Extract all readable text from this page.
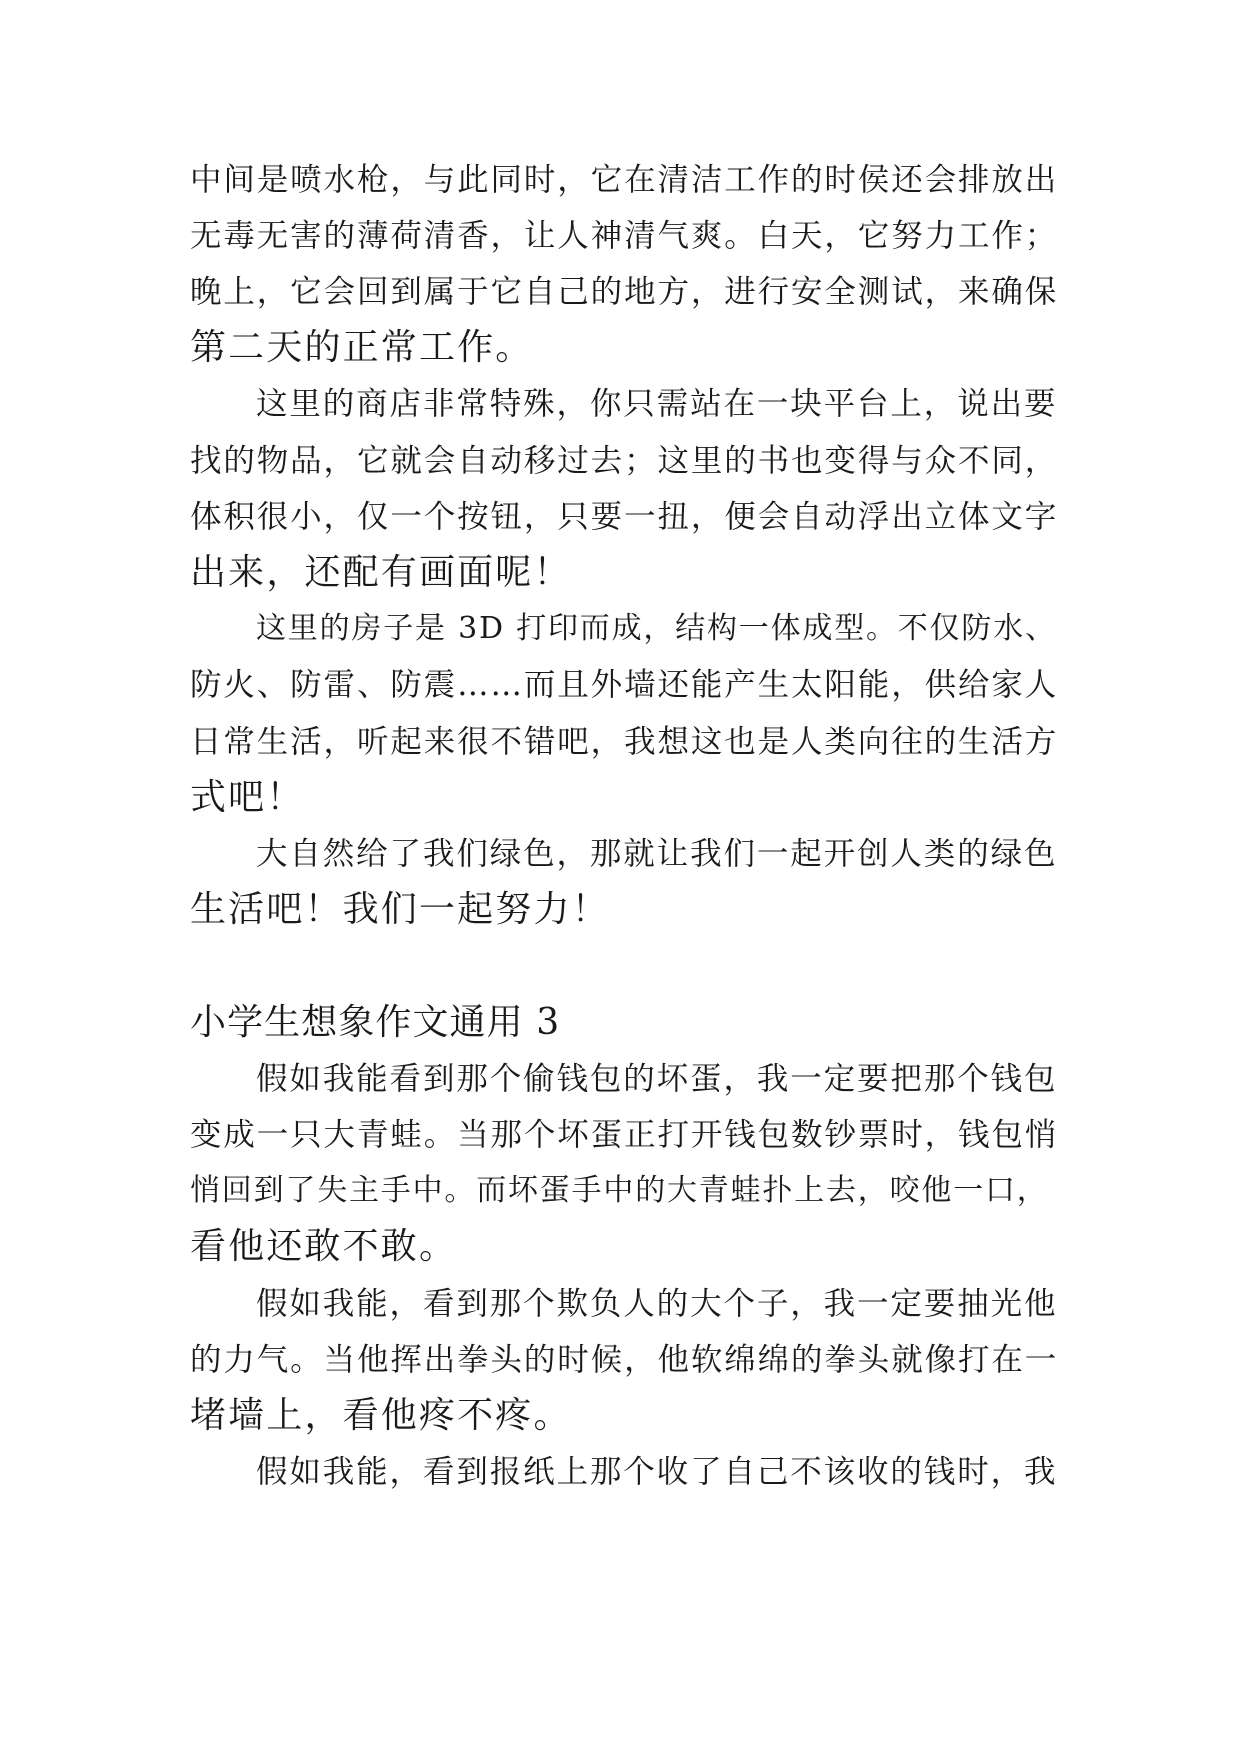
中间是喷水枪，与此同时，它在清洁工作的时侯还会排放出
无毒无害的薄荷清香，让人神清气爽。白天，它努力工作；
晚上，它会回到属于它自己的地方，进行安全测试，来确保
第二天的正常工作。
这里的商店非常特殊，你只需站在一块平台上，说出要
找的物品，它就会自动移过去；这里的书也变得与众不同，
体积很小，仅一个按钮，只要一扭，便会自动浮出立体文字
出来，还配有画面呢！
这里的房子是 3D 打印而成，结构一体成型。不仅防水、
防火、防雷、防震……而且外墙还能产生太阳能，供给家人
日常生活，听起来很不错吧，我想这也是人类向往的生活方
式吧！
大自然给了我们绿色，那就让我们一起开创人类的绿色
生活吧！我们一起努力！
小学生想象作文通用 3
假如我能看到那个偷钱包的坏蛋，我一定要把那个钱包
变成一只大青蛙。当那个坏蛋正打开钱包数钞票时，钱包悄
悄回到了失主手中。而坏蛋手中的大青蛙扑上去，咬他一口，
看他还敢不敢。
假如我能，看到那个欺负人的大个子，我一定要抽光他
的力气。当他挥出拳头的时候，他软绵绵的拳头就像打在一
堵墙上，看他疼不疼。
假如我能，看到报纸上那个收了自己不该收的钱时，我
